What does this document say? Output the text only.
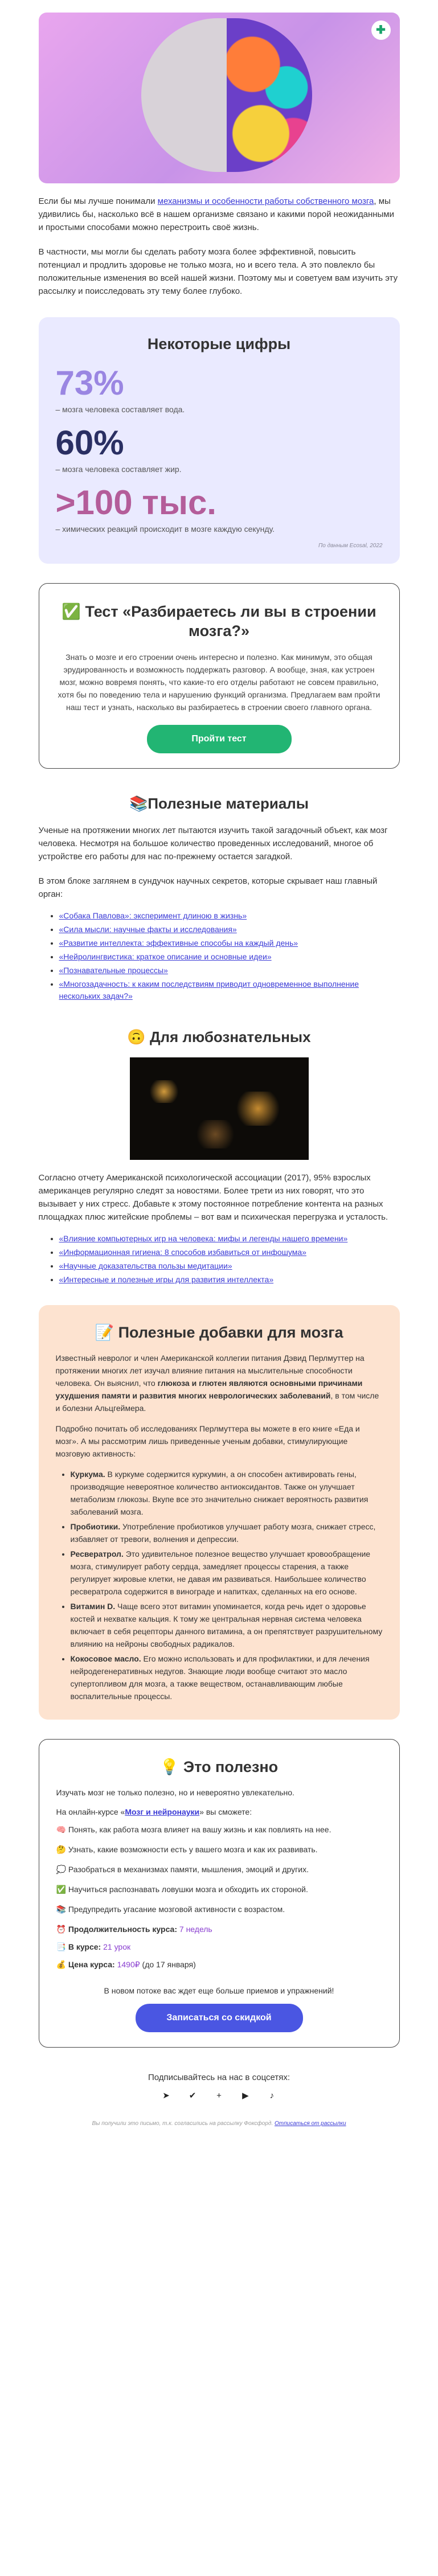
✚

Если бы мы лучше понимали механизмы и особенности работы собственного мозга, мы удивились бы, насколько всё в нашем организме связано и какими порой неожиданными и простыми способами можно перестроить своё жизнь.

В частности, мы могли бы сделать работу мозга более эффективной, повысить потенциал и продлить здоровье не только мозга, но и всего тела. А это повлекло бы положительные изменения во всей нашей жизни. Поэтому мы и советуем вам изучить эту рассылку и поисследовать эту тему более глубоко.

Некоторые цифры
73%
– мозга человека составляет вода.
60%
– мозга человека составляет жир.
>100 тыс.
– химических реакций происходит в мозге каждую секунду.
По данным Ecosal, 2022
✅ Тест «Разбираетесь ли вы в строении мозга?»

Знать о мозге и его строении очень интересно и полезно. Как минимум, это общая эрудированность и возможность поддержать разговор. А вообще, зная, как устроен мозг, можно вовремя понять, что какие-то его отделы работают не совсем правильно, хотя бы по поведению тела и нарушению функций организма. Предлагаем вам пройти наш тест и узнать, насколько вы разбираетесь в строении своего главного органа.

Пройти тест
📚Полезные материалы

Ученые на протяжении многих лет пытаются изучить такой загадочный объект, как мозг человека. Несмотря на большое количество проведенных исследований, многое об устройстве его работы для нас по-прежнему остается загадкой.

В этом блоке заглянем в сундучок научных секретов, которые скрывает наш главный орган:

• «Собака Павлова»: эксперимент длиною в жизнь»
• «Сила мысли: научные факты и исследования»
• «Развитие интеллекта: эффективные способы на каждый день»
• «Нейролингвистика: краткое описание и основные идеи»
• «Познавательные процессы»
• «Многозадачность: к каким последствиям приводит одновременное выполнение нескольких задач?»
🙃 Для любознательных

Согласно отчету Американской психологической ассоциации (2017), 95% взрослых американцев регулярно следят за новостями. Более трети из них говорят, что это вызывает у них стресс. Добавьте к этому постоянное потребление контента на разных площадках плюс житейские проблемы – вот вам и психическая перегрузка и усталость.

• «Влияние компьютерных игр на человека: мифы и легенды нашего времени»
• «Информационная гигиена: 8 способов избавиться от инфошума»
• «Научные доказательства пользы медитации»
• «Интересные и полезные игры для развития интеллекта»
📝 Полезные добавки для мозга

Известный невролог и член Американской коллегии питания Дэвид Перлмуттер на протяжении многих лет изучал влияние питания на мыслительные способности человека. Он выяснил, что глюкоза и глютен являются основными причинами ухудшения памяти и развития многих неврологических заболеваний, в том числе и болезни Альцгеймера.

Подробно почитать об исследованиях Перлмуттера вы можете в его книге «Еда и мозг». А мы рассмотрим лишь приведенные ученым добавки, стимулирующие мозговую активность:

• Куркума. В куркуме содержится куркумин, а он способен активировать гены, производящие невероятное количество антиоксидантов. Также он улучшает метаболизм глюкозы. Вкупе все это значительно снижает вероятность развития заболеваний мозга.
• Пробиотики. Употребление пробиотиков улучшает работу мозга, снижает стресс, избавляет от тревоги, волнения и депрессии.
• Ресвератрол. Это удивительное полезное вещество улучшает кровообращение мозга, стимулирует работу сердца, замедляет процессы старения, а также регулирует жировые клетки, не давая им развиваться. Наибольшее количество ресвератрола содержится в винограде и напитках, сделанных на его основе.
• Витамин D. Чаще всего этот витамин упоминается, когда речь идет о здоровье костей и нехватке кальция. К тому же центральная нервная система человека включает в себя рецепторы данного витамина, а он препятствует разрушительному влиянию на нейроны свободных радикалов.
• Кокосовое масло. Его можно использовать и для профилактики, и для лечения нейродегенеративных недугов. Знающие люди вообще считают это масло супертопливом для мозга, а также веществом, останавливающим любые воспалительные процессы.
💡 Это полезно

Изучать мозг не только полезно, но и невероятно увлекательно.

На онлайн-курсе «Мозг и нейронауки» вы сможете:

🧠 Понять, как работа мозга влияет на вашу жизнь и как повлиять на нее.
🤔 Узнать, какие возможности есть у вашего мозга и как их развивать.
💭 Разобраться в механизмах памяти, мышления, эмоций и других.
✅ Научиться распознавать ловушки мозга и обходить их стороной.
📚 Предупредить угасание мозговой активности с возрастом.
⏰ Продолжительность курса: 7 недель
📑 В курсе: 21 урок
💰 Цена курса: 1490₽ (до 17 января)

В новом потоке вас ждет еще больше приемов и упражнений!

Записаться со скидкой
Подписывайтесь на нас в соцсетях:
➤ ✔ + ▶ ♪
Вы получили это письмо, т.к. согласились на рассылку Фоксфорд. Отписаться от рассылки
